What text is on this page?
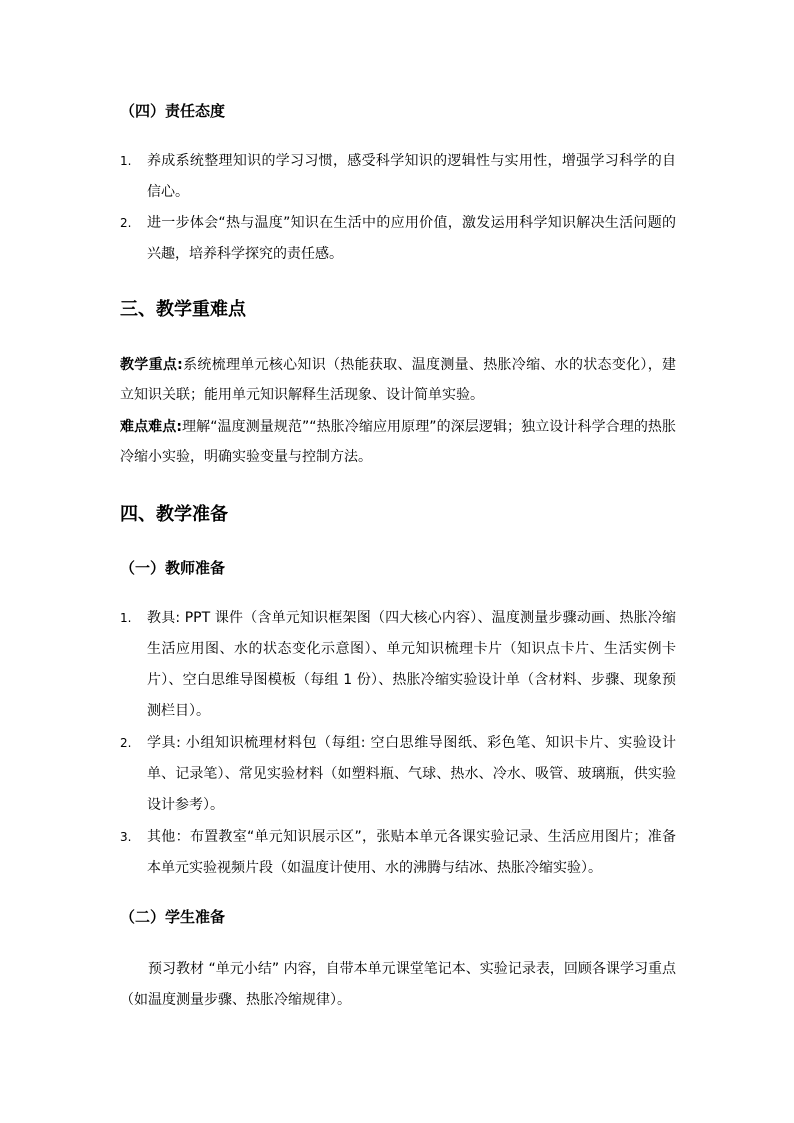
（四）责任态度
1.	养成系统整理知识的学习习惯，感受科学知识的逻辑性与实用性，增强学习科学的自信心。
2.	进一步体会“热与温度”知识在生活中的应用价值，激发运用科学知识解决生活问题的兴趣，培养科学探究的责任感。
三、教学重难点
教学重点:系统梳理单元核心知识（热能获取、温度测量、热胀冷缩、水的状态变化），建立知识关联；能用单元知识解释生活现象、设计简单实验。
难点难点:理解“温度测量规范”“热胀冷缩应用原理”的深层逻辑；独立设计科学合理的热胀冷缩小实验，明确实验变量与控制方法。
四、教学准备
（一）教师准备
1.	教具: PPT 课件（含单元知识框架图（四大核心内容）、温度测量步骤动画、热胀冷缩生活应用图、水的状态变化示意图）、单元知识梳理卡片（知识点卡片、生活实例卡片）、空白思维导图模板（每组 1 份）、热胀冷缩实验设计单（含材料、步骤、现象预测栏目）。
2.	学具: 小组知识梳理材料包（每组: 空白思维导图纸、彩色笔、知识卡片、实验设计单、记录笔）、常见实验材料（如塑料瓶、气球、热水、冷水、吸管、玻璃瓶，供实验设计参考）。
3.	其他：布置教室“单元知识展示区”，张贴本单元各课实验记录、生活应用图片；准备本单元实验视频片段（如温度计使用、水的沸腾与结冰、热胀冷缩实验）。
（二）学生准备
预习教材 “单元小结” 内容，自带本单元课堂笔记本、实验记录表，回顾各课学习重点（如温度测量步骤、热胀冷缩规律）。
